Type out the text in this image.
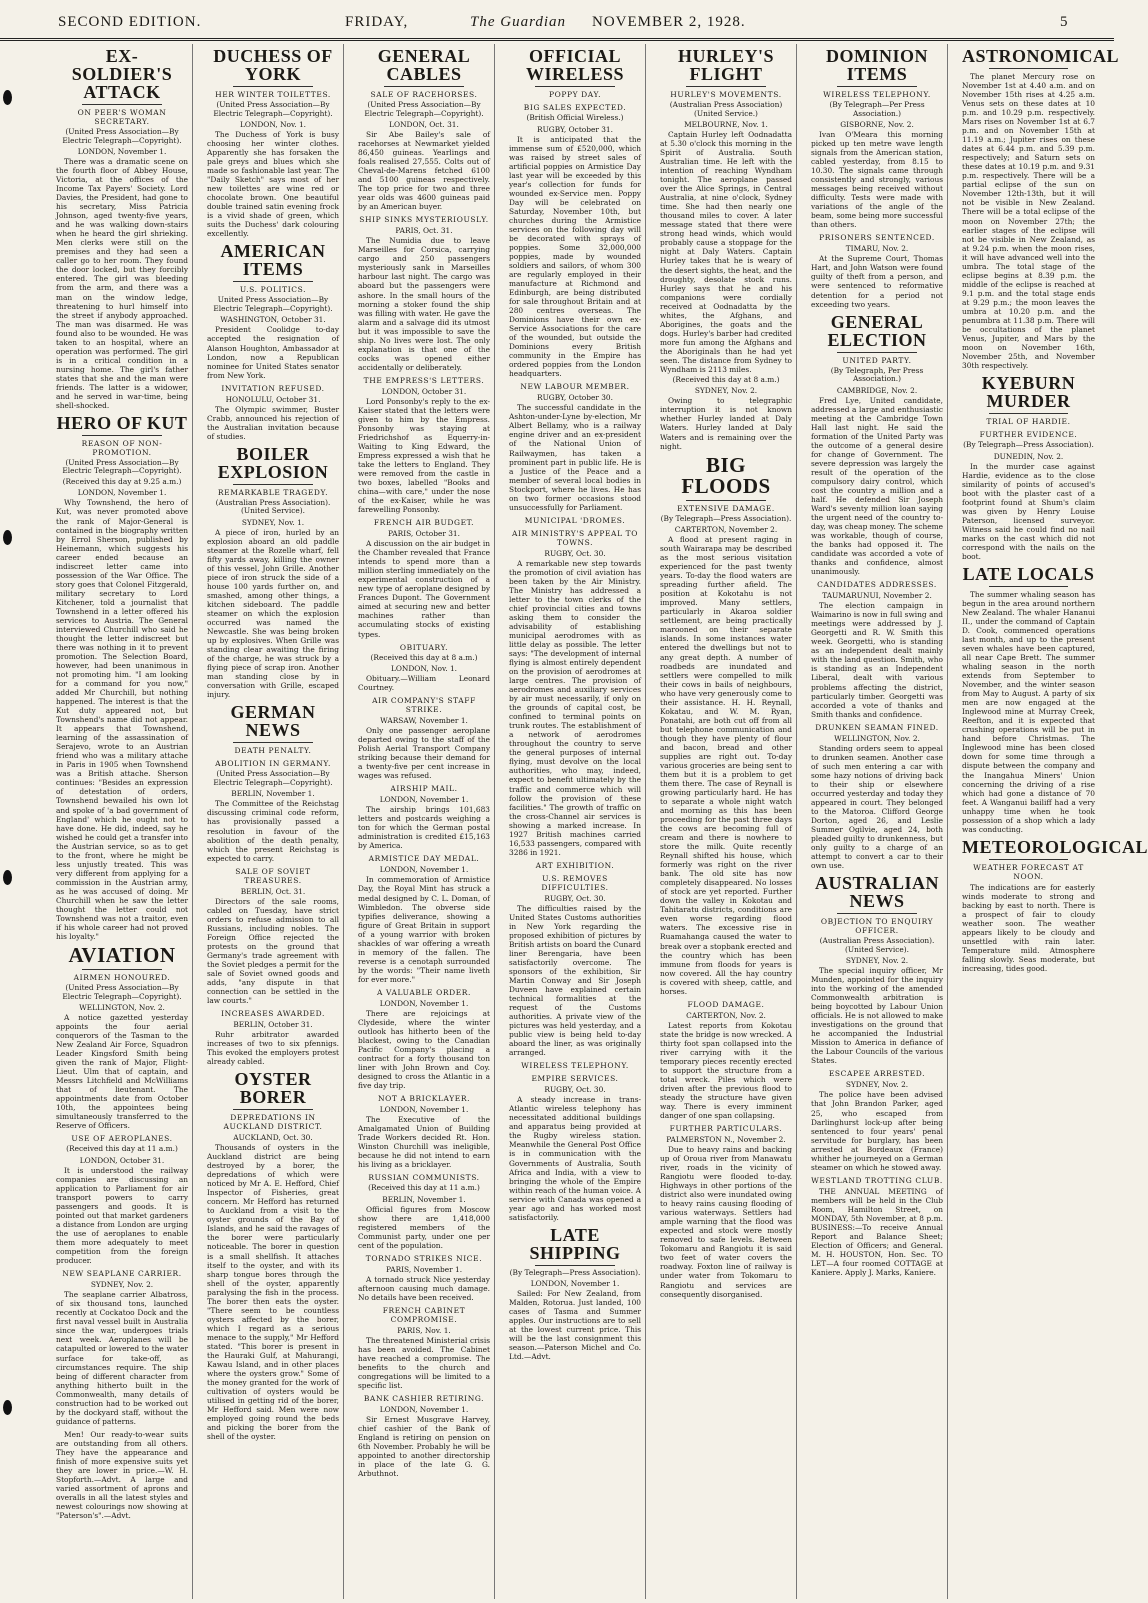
SECOND EDITION.	FRIDAY,	The Guardian NOVEMBER 2, 1928.	5
EX-SOLDIER'S ATTACK
ON PEER'S WOMAN SECRETARY.
(United Press Association—By Electric Telegraph—Copyright).
LONDON, November 1.
There was a dramatic scene on the fourth floor of Abbey House, Victoria, at the offices of the Income Tax Payers' Society. Lord Davies, the President, had gone to his secretary, Miss Patricia Johnson, aged twenty-five years, and he was walking down-stairs when he heard the girl shrieking. Men clerks were still on the premises and they had seen a caller go to her room. They found the door locked, but they forcibly entered. The girl was bleeding from the arm, and there was a man on the window ledge, threatening to hurl himself into the street if anybody approached. The man was disarmed. He was found also to be wounded. He was taken to an hospital, where an operation was performed. The girl is in a critical condition in a nursing home. The girl's father states that she and the man were friends. The latter is a widower, and he served in war-time, being shell-shocked.
HERO OF KUT
REASON OF NON-PROMOTION.
(United Press Association—By Electric Telegraph—Copyright).
(Received this day at 9.25 a.m.)
LONDON, November 1.
Why Townshend, the hero of Kut, was never promoted above the rank of Major-General is contained in the biography written by Errol Sherson, published by Heinemann, which suggests his career ended because an indiscreet letter came into possession of the War Office. The story goes that Colonel Fitzgerald, military secretary to Lord Kitchener, told a journalist that Townshend in a letter offered his services to Austria. The General interviewed Churchill who said he thought the letter indiscreet but there was nothing in it to prevent promotion. The Selection Board, however, had been unanimous in not promoting him. "I am looking for a command for you now," added Mr Churchill, but nothing happened. The interest is that the Kut duty appeared not, but Townshend's name did not appear. It appears that Townshend, learning of the assassination of Serajevo, wrote to an Austrian friend who was a military attache in Paris in 1905 when Townshend was a British attache. Sherson continues: "Besides an expression of detestation of orders, Townshend bewailed his own lot and spoke of 'a bad government of England' which he ought not to have done. He did, indeed, say he wished he could get a transfer into the Austrian service, so as to get to the front, where he might be less unjustly treated. This was very different from applying for a commission in the Austrian army, as he was accused of doing. Mr Churchill when he saw the letter thought the letter could not Townshend was not a traitor, even if his whole career had not proved his loyalty."
AVIATION
AIRMEN HONOURED.
(United Press Association—By Electric Telegraph—Copyright).
WELLINGTON, Nov. 2.
A notice gazetted yesterday appoints the four aerial conquerors of the Tasman to the New Zealand Air Force, Squadron Leader Kingsford Smith being given the rank of Major, Flight-Lieut. Ulm that of captain, and Messrs Litchfield and McWilliams that of lieutenant. The appointments date from October 10th, the appointees being simultaneously transferred to the Reserve of Officers.
USE OF AEROPLANES.
(Received this day at 11 a.m.)
LONDON, October 31.
It is understood the railway companies are discussing an application to Parliament for air transport powers to carry passengers and goods. It is pointed out that market gardeners a distance from London are urging the use of aeroplanes to enable them more adequately to meet competition from the foreign producer.
NEW SEAPLANE CARRIER.
SYDNEY, Nov. 2.
The seaplane carrier Albatross, of six thousand tons, launched recently at Cockatoo Dock and the first naval vessel built in Australia since the war, undergoes trials next week. Aeroplanes will be catapulted or lowered to the water surface for take-off, as circumstances require. The ship being of different character from anything hitherto built in the Commonwealth, many details of construction had to be worked out by the dockyard staff, without the guidance of patterns.
Men! Our ready-to-wear suits are outstanding from all others. They have the appearance and finish of more expensive suits yet they are lower in price.—W. H. Stopforth.—Advt. A large and varied assortment of aprons and overalls in all the latest styles and newest colourings now showing at "Paterson's".—Advt.
DUCHESS OF YORK
HER WINTER TOILETTES.
(United Press Association—By Electric Telegraph—Copyright).
LONDON, Nov. 1.
The Duchess of York is busy choosing her winter clothes. Apparently she has forsaken the pale greys and blues which she made so fashionable last year. The "Daily Sketch" says most of her new toilettes are wine red or chocolate brown. One beautiful double trained satin evening frock is a vivid shade of green, which suits the Duchess' dark colouring excellently.
AMERICAN ITEMS
U.S. POLITICS.
United Press Association—By Electric Telegraph—Copyright).
WASHINGTON, October 31.
President Coolidge to-day accepted the resignation of Alanson Houghton, Ambassador at London, now a Republican nominee for United States senator from New York.
INVITATION REFUSED.
HONOLULU, October 31.
The Olympic swimmer, Buster Crabb, announced his rejection of the Australian invitation because of studies.
BOILER EXPLOSION
REMARKABLE TRAGEDY.
(Australian Press Association). (United Service).
SYDNEY, Nov. 1.
A piece of iron, hurled by an explosion aboard an old paddle steamer at the Rozelle wharf, fell fifty yards away, killing the owner of this vessel, John Grille. Another piece of iron struck the side of a house 100 yards further on, and smashed, among other things, a kitchen sideboard. The paddle steamer on which the explosion occurred was named the Newcastle. She was being broken up by explosives. When Grille was standing clear awaiting the firing of the charge, he was struck by a flying piece of scrap iron. Another man standing close by in conversation with Grille, escaped injury.
GERMAN NEWS
DEATH PENALTY.
ABOLITION IN GERMANY.
(United Press Association—By Electric Telegraph—Copyright).
BERLIN, November 1.
The Committee of the Reichstag discussing criminal code reform, has provisionally passed a resolution in favour of the abolition of the death penalty, which the present Reichstag is expected to carry.
SALE OF SOVIET TREASURES.
BERLIN, Oct. 31.
Directors of the sale rooms, cabled on Tuesday, have strict orders to refuse admission to all Russians, including nobles. The Foreign Office rejected the protests on the ground that Germany's trade agreement with the Soviet pledges a permit for the sale of Soviet owned goods and adds, "any dispute in that connection can be settled in the law courts."
INCREASES AWARDED.
BERLIN, October 31.
Ruhr arbitrator awarded increases of two to six pfennigs. This evoked the employers protest already cabled.
OYSTER BORER
DEPREDATIONS IN AUCKLAND DISTRICT.
AUCKLAND, Oct. 30.
Thousands of oysters in the Auckland district are being destroyed by a borer, the depredations of which were noticed by Mr A. E. Hefford, Chief Inspector of Fisheries, great concern. Mr Hefford has returned to Auckland from a visit to the oyster grounds of the Bay of Islands, and he said the ravages of the borer were particularly noticeable. The borer in question is a small shellfish. It attaches itself to the oyster, and with its sharp tongue bores through the shell of the oyster, apparently paralysing the fish in the process. The borer then eats the oyster. "There seem to be countless oysters affected by the borer, which I regard as a serious menace to the supply," Mr Hefford stated. "This borer is present in the Hauraki Gulf, at Mahurangi, Kawau Island, and in other places where the oysters grow." Some of the money granted for the work of cultivation of oysters would be utilised in getting rid of the borer, Mr Hefford said. Men were now employed going round the beds and picking the borer from the shell of the oyster.
GENERAL CABLES
SALE OF RACEHORSES.
(United Press Association—By Electric Telegraph—Copyright).
LONDON, Oct. 31.
Sir Abe Bailey's sale of racehorses at Newmarket yielded 86,450 guineas. Yearlings and foals realised 27,555. Colts out of Cheval-de-Marens fetched 6100 and 5100 guineas respectively. The top price for two and three year olds was 4600 guineas paid by an American buyer.
SHIP SINKS MYSTERIOUSLY.
PARIS, Oct. 31.
The Numidia due to leave Marseilles for Corsica, carrying cargo and 250 passengers mysteriously sank in Marseilles harbour last night. The cargo was aboard but the passengers were ashore. In the small hours of the morning a stoker found the ship was filling with water. He gave the alarm and a salvage did its utmost but it was impossible to save the ship. No lives were lost. The only explanation is that one of the cocks was opened either accidentally or deliberately.
THE EMPRESS'S LETTERS.
LONDON, October 31.
Lord Ponsonby's reply to the ex-Kaiser stated that the letters were given to him by the Empress. Ponsonby was staying at Friedrichshof as Equerry-in-Waiting to King Edward, the Empress expressed a wish that he take the letters to England. They were removed from the castle in two boxes, labelled "Books and china—with care," under the nose of the ex-Kaiser, while he was farewelling Ponsonby.
FRENCH AIR BUDGET.
PARIS, October 31.
A discussion on the air budget in the Chamber revealed that France intends to spend more than a million sterling immediately on the experimental construction of a new type of aeroplane designed by Frances Dupont. The Government aimed at securing new and better machines rather than accumulating stocks of existing types.
OBITUARY.
(Received this day at 8 a.m.)
LONDON, Nov. 1.
Obituary.—William Leonard Courtney.
AIR COMPANY'S STAFF STRIKE.
WARSAW, November 1.
Only one passenger aeroplane departed owing to the staff of the Polish Aerial Transport Company striking because their demand for a twenty-five per cent increase in wages was refused.
AIRSHIP MAIL.
LONDON, November 1.
The airship brings 101,683 letters and postcards weighing a ton for which the German postal administration is credited £15,163 by America.
ARMISTICE DAY MEDAL.
LONDON, November 1.
In commemoration of Armistice Day, the Royal Mint has struck a medal designed by C. L. Doman, of Wimbledon. The obverse side typifies deliverance, showing a figure of Great Britain in support of a young warrior with broken shackles of war offering a wreath in memory of the fallen. The reverse is a cenotaph surrounded by the words: "Their name liveth for ever more."
A VALUABLE ORDER.
LONDON, November 1.
There are rejoicings at Clydeside, where the winter outlook has hitherto been of the blackest, owing to the Canadian Pacific Company's placing a contract for a forty thousand ton liner with John Brown and Coy. designed to cross the Atlantic in a five day trip.
NOT A BRICKLAYER.
LONDON, November 1.
The Executive of the Amalgamated Union of Building Trade Workers decided Rt. Hon. Winston Churchill was ineligible, because he did not intend to earn his living as a bricklayer.
RUSSIAN COMMUNISTS.
(Received this day at 11 a.m.)
BERLIN, November 1.
Official figures from Moscow show there are 1,418,000 registered members of the Communist party, under one per cent of the population.
TORNADO STRIKES NICE.
PARIS, November 1.
A tornado struck Nice yesterday afternoon causing much damage. No details have been received.
FRENCH CABINET COMPROMISE.
PARIS, Nov. 1.
The threatened Ministerial crisis has been avoided. The Cabinet have reached a compromise. The benefits to the church and congregations will be limited to a specific list.
BANK CASHIER RETIRING.
LONDON, November 1.
Sir Ernest Musgrave Harvey, chief cashier of the Bank of England is retiring on pension on 6th November. Probably he will be appointed to another directorship in place of the late G. G. Arbuthnot.
OFFICIAL WIRELESS
POPPY DAY.
BIG SALES EXPECTED.
(British Official Wireless.)
RUGBY, October 31.
It is anticipated that the immense sum of £520,000, which was raised by street sales of artificial poppies on Armistice Day last year will be exceeded by this year's collection for funds for wounded ex-Service men. Poppy Day will be celebrated on Saturday, November 10th, but churches during the Armistice services on the following day will be decorated with sprays of poppies. Some 32,000,000 poppies, made by wounded soldiers and sailors, of whom 300 are regularly employed in their manufacture at Richmond and Edinburgh, are being distributed for sale throughout Britain and at 280 centres overseas. The Dominions have their own ex-Service Associations for the care of the wounded, but outside the Dominions every British community in the Empire has ordered poppies from the London headquarters.
NEW LABOUR MEMBER.
RUGBY, October 30.
The successful candidate in the Ashton-under-Lyne by-election, Mr Albert Bellamy, who is a railway engine driver and an ex-president of the National Union of Railwaymen, has taken a prominent part in public life. He is a Justice of the Peace and a member of several local bodies in Stockport, where he lives. He has on two former occasions stood unsuccessfully for Parliament.
MUNICIPAL 'DROMES.
AIR MINISTRY'S APPEAL TO TOWNS.
RUGBY, Oct. 30.
A remarkable new step towards the promotion of civil aviation has been taken by the Air Ministry. The Ministry has addressed a letter to the town clerks of the chief provincial cities and towns asking them to consider the advisability of establishing municipal aerodromes with as little delay as possible. The letter says: "The development of internal flying is almost entirely dependent on the provision of aerodromes at large centres. The provision of aerodromes and auxiliary services by air must necessarily, if only on the grounds of capital cost, be confined to terminal points on trunk routes. The establishment of a network of aerodromes throughout the country to serve the general purposes of internal flying, must devolve on the local authorities, who may, indeed, expect to benefit ultimately by the traffic and commerce which will follow the provision of these facilities." The growth of traffic on the cross-Channel air services is showing a marked increase. In 1927 British machines carried 16,533 passengers, compared with 3286 in 1921.
ART EXHIBITION.
U.S. REMOVES DIFFICULTIES.
RUGBY, Oct. 30.
The difficulties raised by the United States Customs authorities in New York regarding the proposed exhibition of pictures by British artists on board the Cunard liner Berengaria, have been satisfactorily overcome. The sponsors of the exhibition, Sir Martin Conway and Sir Joseph Duveen have explained certain technical formalities at the request of the Customs authorities. A private view of the pictures was held yesterday, and a public view is being held to-day aboard the liner, as was originally arranged.
WIRELESS TELEPHONY.
EMPIRE SERVICES.
RUGBY, Oct. 30.
A steady increase in trans-Atlantic wireless telephony has necessitated additional buildings and apparatus being provided at the Rugby wireless station. Meanwhile the General Post Office is in communication with the Governments of Australia, South Africa and India, with a view to bringing the whole of the Empire within reach of the human voice. A service with Canada was opened a year ago and has worked most satisfactorily.
LATE SHIPPING
(By Telegraph—Press Association).
LONDON, November 1.
Sailed: For New Zealand, from Malden, Rotorua. Just landed, 100 cases of Tasma and Summer apples. Our instructions are to sell at the lowest current price. This will be the last consignment this season.—Paterson Michel and Co. Ltd.—Advt.
HURLEY'S FLIGHT
HURLEY'S MOVEMENTS.
(Australian Press Association) (United Service.)
MELBOURNE, Nov. 1.
Captain Hurley left Oodnadatta at 5.30 o'clock this morning in the Spirit of Australia. South Australian time. He left with the intention of reaching Wyndham tonight. The aeroplane passed over the Alice Springs, in Central Australia, at nine o'clock, Sydney time. She had then nearly one thousand miles to cover. A later message stated that there were strong head winds, which would probably cause a stoppage for the night at Daly Waters. Captain Hurley takes that he is weary of the desert sights, the heat, and the droughty, desolate stock runs. Hurley says that he and his companions were cordially received at Oodnadatta by the whites, the Afghans, and Aborigines, the goats and the dogs. Hurley's barber had credited more fun among the Afghans and the Aboriginals than he had yet seen. The distance from Sydney to Wyndham is 2113 miles.
(Received this day at 8 a.m.)
SYDNEY, Nov. 2.
Owing to telegraphic interruption it is not known whether Hurley landed at Daly Waters. Hurley landed at Daly Waters and is remaining over the night.
BIG FLOODS
EXTENSIVE DAMAGE.
(By Telegraph—Press Association).
CARTERTON, November 2.
A flood at present raging in south Wairarapa may be described as the most serious visitation experienced for the past twenty years. To-day the flood waters are spreading further afield. The position at Kokotahu is not improved. Many settlers, particularly in Akaroa soldier settlement, are being practically marooned on their separate islands. In some instances water entered the dwellings but not to any great depth. A number of roadbeds are inundated and settlers were compelled to milk their cows in bails of neighbours, who have very generously come to their assistance. H. H. Reynall, Kokatau, and W. M. Ryan, Ponatahi, are both cut off from all but telephone communication and though they have plenty of flour and bacon, bread and other supplies are right out. To-day various groceries are being sent to them but it is a problem to get them there. The case of Reynall is growing particularly hard. He has to separate a whole night watch and morning as this has been proceeding for the past three days the cows are becoming full of cream and there is nowhere to store the milk. Quite recently Reynall shifted his house, which formerly was right on the river bank. The old site has now completely disappeared. No losses of stock are yet reported. Further down the valley in Kokotau and Tahitaratu districts, conditions are even worse regarding flood waters. The excessive rise in Ruamahanga caused the water to break over a stopbank erected and the country which has been immune from floods for years is now covered. All the hay country is covered with sheep, cattle, and horses.
FLOOD DAMAGE.
CARTERTON, Nov. 2.
Latest reports from Kokotau state the bridge is now wrecked. A thirty foot span collapsed into the river carrying with it the temporary pieces recently erected to support the structure from a total wreck. Piles which were driven after the previous flood to steady the structure have given way. There is every imminent danger of one span collapsing.
FURTHER PARTICULARS.
PALMERSTON N., November 2.
Due to heavy rains and backing up of Oroua river from Manawatu river, roads in the vicinity of Rangiotu were flooded to-day. Highways in other portions of the district also were inundated owing to heavy rains causing flooding of various waterways. Settlers had ample warning that the flood was expected and stock were mostly removed to safe levels. Between Tokomaru and Rangiotu it is said two feet of water covers the roadway. Foxton line of railway is under water from Tokomaru to Rangiotu and services are consequently disorganised.
DOMINION ITEMS
WIRELESS TELEPHONY.
(By Telegraph—Per Press Association.)
GISBORNE, Nov. 2.
Ivan O'Meara this morning picked up ten metre wave length signals from the American station, cabled yesterday, from 8.15 to 10.30. The signals came through consistently and strongly, various messages being received without difficulty. Tests were made with variations of the angle of the beam, some being more successful than others.
PRISONERS SENTENCED.
TIMARU, Nov. 2.
At the Supreme Court, Thomas Hart, and John Watson were found guilty of theft from a person, and were sentenced to reformative detention for a period not exceeding two years.
GENERAL ELECTION
UNITED PARTY.
(By Telegraph, Per Press Association.)
CAMBRIDGE, Nov. 2.
Fred Lye, United candidate, addressed a large and enthusiastic meeting at the Cambridge Town Hall last night. He said the formation of the United Party was the outcome of a general desire for change of Government. The severe depression was largely the result of the operation of the compulsory dairy control, which cost the country a million and a half. He defended Sir Joseph Ward's seventy million loan saying the urgent need of the country to-day, was cheap money. The scheme was workable, though of course, the banks had opposed it. The candidate was accorded a vote of thanks and confidence, almost unanimously.
CANDIDATES ADDRESSES.
TAUMARUNUI, November 2.
The election campaign in Waimarino is now in full swing and meetings were addressed by J. Georgetti and R. W. Smith this week. Georgetti, who is standing as an independent dealt mainly with the land question. Smith, who is standing as an Independent Liberal, dealt with various problems affecting the district, particularly timber. Georgetti was accorded a vote of thanks and Smith thanks and confidence.
DRUNKEN SEAMAN FINED.
WELLINGTON, Nov. 2.
Standing orders seem to appeal to drunken seamen. Another case of such men entering a car with some hazy notions of driving back to their ship or elsewhere occurred yesterday and today they appeared in court. They belonged to the Matoroa. Clifford George Dorton, aged 26, and Leslie Summer Ogilvie, aged 24, both pleaded guilty to drunkenness, but only guilty to a charge of an attempt to convert a car to their own use.
AUSTRALIAN NEWS
OBJECTION TO ENQUIRY OFFICER.
(Australian Press Association). (United Service).
SYDNEY, Nov. 2.
The special inquiry officer, Mr Munden, appointed for the inquiry into the working of the amended Commonwealth arbitration is being boycotted by Labour Union officials. He is not allowed to make investigations on the ground that he accompanied the Industrial Mission to America in defiance of the Labour Councils of the various States.
ESCAPEE ARRESTED.
SYDNEY, Nov. 2.
The police have been advised that John Brandon Parker, aged 25, who escaped from Darlinghurst lock-up after being sentenced to four years' penal servitude for burglary, has been arrested at Bordeaux (France) whither he journeyed on a German steamer on which he stowed away.
WESTLAND TROTTING CLUB.
THE ANNUAL MEETING of members will be held in the Club Room, Hamilton Street, on MONDAY, 5th November, at 8 p.m. BUSINESS:—To receive Annual Report and Balance Sheet; Election of Officers; and General. M. H. HOUSTON, Hon. Sec. TO LET—A four roomed COTTAGE at Kaniere. Apply J. Marks, Kaniere.
ASTRONOMICAL
The planet Mercury rose on November 1st at 4.40 a.m. and on November 15th rises at 4.25 a.m. Venus sets on these dates at 10 p.m. and 10.29 p.m. respectively. Mars rises on November 1st at 6.7 p.m. and on November 15th at 11.19 a.m.; Jupiter rises on these dates at 6.44 p.m. and 5.39 p.m. respectively; and Saturn sets on these dates at 10.19 p.m. and 9.31 p.m. respectively. There will be a partial eclipse of the sun on November 12th-13th, but it will not be visible in New Zealand. There will be a total eclipse of the moon on November 27th; the earlier stages of the eclipse will not be visible in New Zealand, as at 9.24 p.m. when the moon rises, it will have advanced well into the umbra. The total stage of the eclipse begins at 8.39 p.m. the middle of the eclipse is reached at 9.1 p.m. and the total stage ends at 9.29 p.m.; the moon leaves the umbra at 10.20 p.m. and the penumbra at 11.38 p.m. There will be occultations of the planet Venus, Jupiter, and Mars by the moon on November 16th, November 25th, and November 30th respectively.
KYEBURN MURDER
TRIAL OF HARDIE.
FURTHER EVIDENCE.
(By Telegraph—Press Association).
DUNEDIN, Nov. 2.
In the murder case against Hardie, evidence as to the close similarity of points of accused's boot with the plaster cast of a footprint found at Shum's claim was given by Henry Louise Paterson, licensed surveyor. Witness said he could find no nail marks on the cast which did not correspond with the nails on the boot.
LATE LOCALS
The summer whaling season has begun in the area around northern New Zealand. The whaler Hananui II., under the command of Captain D. Cook, commenced operations last month, and up to the present seven whales have been captured, all near Cape Brett. The summer whaling season in the north extends from September to November, and the winter season from May to August. A party of six men are now engaged at the Inglewood mine at Murray Creek, Reefton, and it is expected that crushing operations will be put in hand before Christmas. The Inglewood mine has been closed down for some time through a dispute between the company and the Inangahua Miners' Union concerning the driving of a rise which had gone a distance of 70 feet. A Wanganui bailiff had a very unhappy time when he took possession of a shop which a lady was conducting.
METEOROLOGICAL
WEATHER FORECAST AT NOON.
The indications are for easterly winds moderate to strong and backing by east to north. There is a prospect of fair to cloudy weather soon. The weather appears likely to be cloudy and unsettled with rain later. Temperature mild. Atmosphere falling slowly. Seas moderate, but increasing, tides good.
